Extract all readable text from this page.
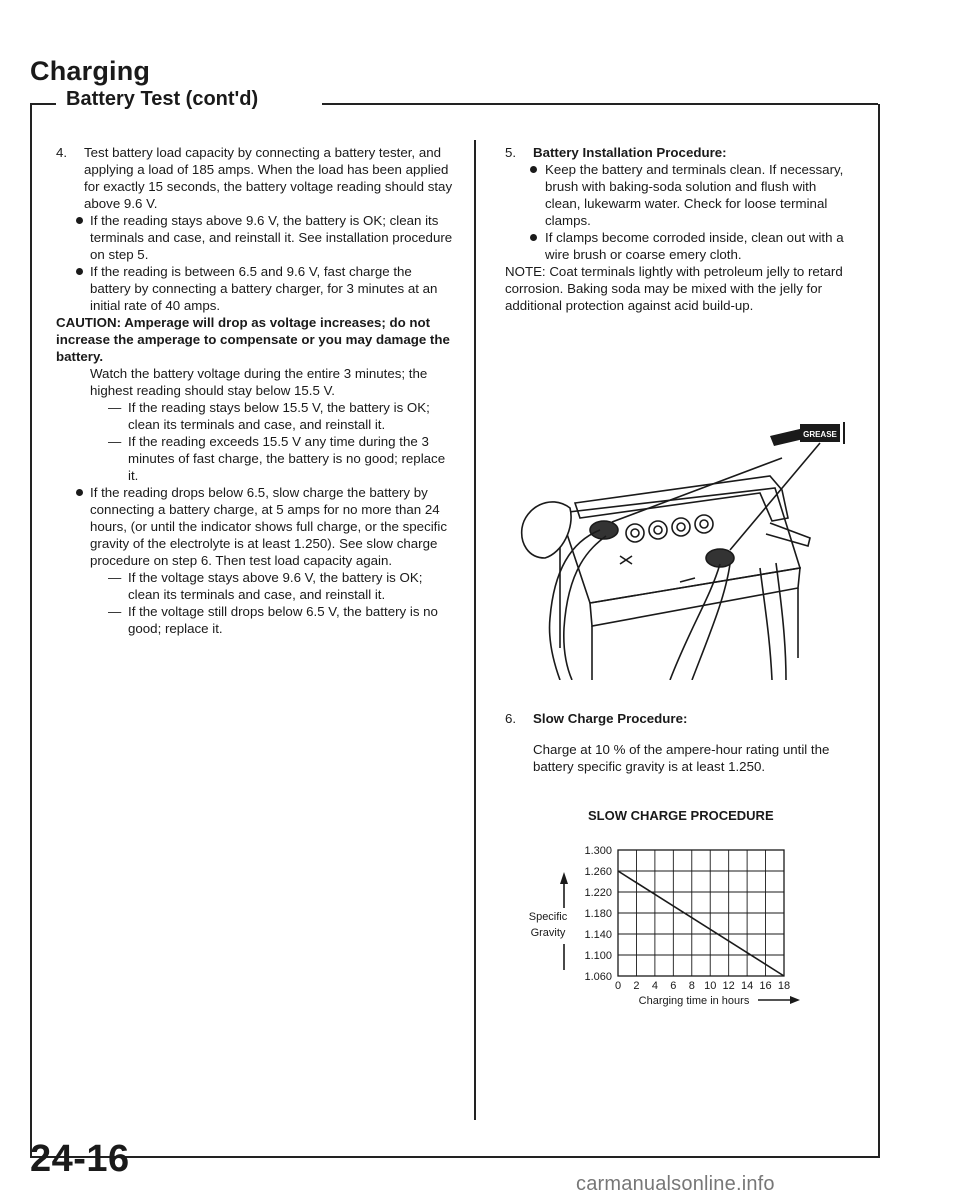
Charging
Battery Test (cont'd)
4. Test battery load capacity by connecting a battery tester, and applying a load of 185 amps. When the load has been applied for exactly 15 seconds, the battery voltage reading should stay above 9.6 V.

If the reading stays above 9.6 V, the battery is OK; clean its terminals and case, and reinstall it. See installation procedure on step 5.

If the reading is between 6.5 and 9.6 V, fast charge the battery by connecting a battery charger, for 3 minutes at an initial rate of 40 amps.

CAUTION: Amperage will drop as voltage increases; do not increase the amperage to compensate or you may damage the battery.

Watch the battery voltage during the entire 3 minutes; the highest reading should stay below 15.5 V.

— If the reading stays below 15.5 V, the battery is OK; clean its terminals and case, and reinstall it.

— If the reading exceeds 15.5 V any time during the 3 minutes of fast charge, the battery is no good; replace it.

If the reading drops below 6.5, slow charge the battery by connecting a battery charge, at 5 amps for no more than 24 hours, (or until the indicator shows full charge, or the specific gravity of the electrolyte is at least 1.250). See slow charge procedure on step 6. Then test load capacity again.

— If the voltage stays above 9.6 V, the battery is OK; clean its terminals and case, and reinstall it.

— If the voltage still drops below 6.5 V, the battery is no good; replace it.

5. Battery Installation Procedure:

Keep the battery and terminals clean. If necessary, brush with baking-soda solution and flush with clean, lukewarm water. Check for loose terminal clamps.

If clamps become corroded inside, clean out with a wire brush or coarse emery cloth.

NOTE: Coat terminals lightly with petroleum jelly to retard corrosion. Baking soda may be mixed with the jelly for additional protection against acid build-up.

GREASE
6. Slow Charge Procedure:

Charge at 10 % of the ampere-hour rating until the battery specific gravity is at least 1.250.

SLOW CHARGE PROCEDURE
1.300
1.260
1.220
1.180
1.140
1.100
1.060
0 2 4 6 8 10 12 14 16 18
Specific
Gravity
Charging time in hours

24-16

carmanualsonline.info
